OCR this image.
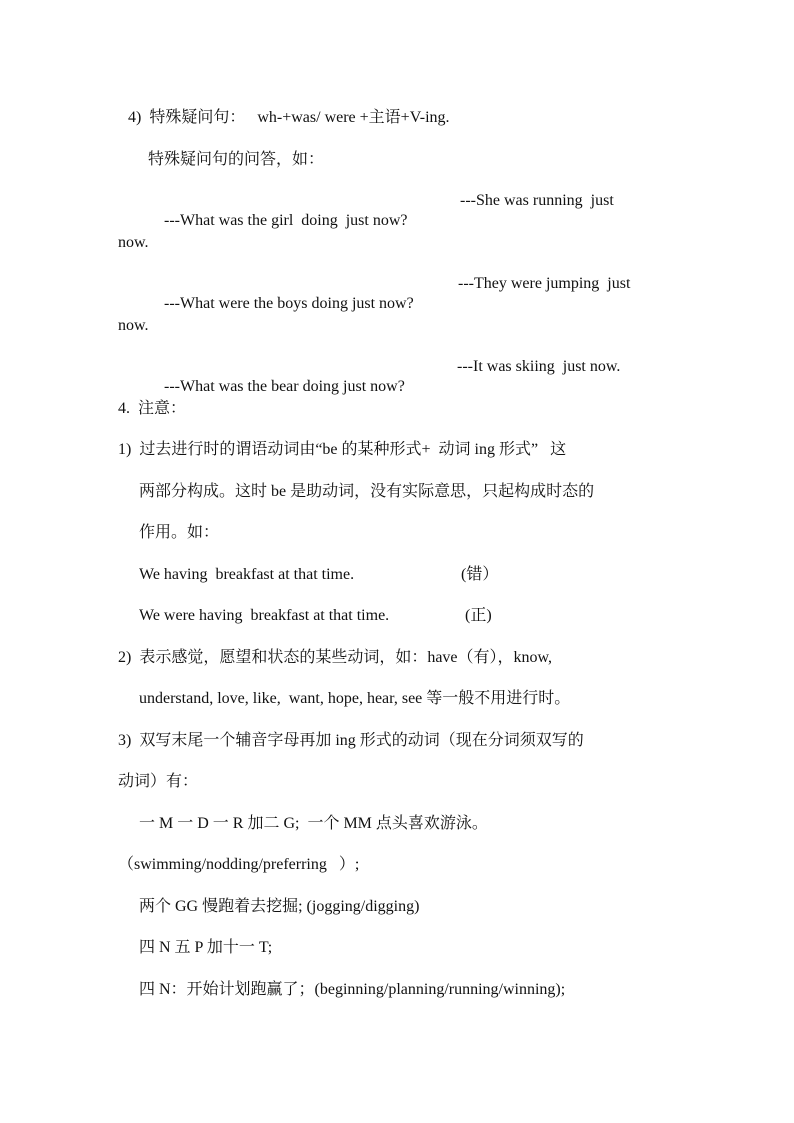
4)  特殊疑问句：   wh-+was/ were +主语+V-ing.
特殊疑问句的问答，如：

---What was the girl  doing  just now?

---She was running  just
now.

---What were the boys doing just now?

---They were jumping  just
now.

---What was the bear doing just now?

---It was skiing  just now.
4.  注意：
1)  过去进行时的谓语动词由“be 的某种形式+  动词 ing 形式”   这
两部分构成。这时 be 是助动词，没有实际意思，只起构成时态的
作用。如：
We having  breakfast at that time.	(错）
We were having  breakfast at that time.	(正)
2)  表示感觉，愿望和状态的某些动词，如：have（有），know,
understand, love, like,  want, hope, hear, see 等一般不用进行时。
3)  双写末尾一个辅音字母再加 ing 形式的动词（现在分词须双写的
动词）有：
一 M 一 D 一 R 加二 G;  一个 MM 点头喜欢游泳。
（swimming/nodding/preferring   ）;
两个 GG 慢跑着去挖掘; (jogging/digging)
四 N 五 P 加十一 T;
四 N：开始计划跑赢了；(beginning/planning/running/winning);
